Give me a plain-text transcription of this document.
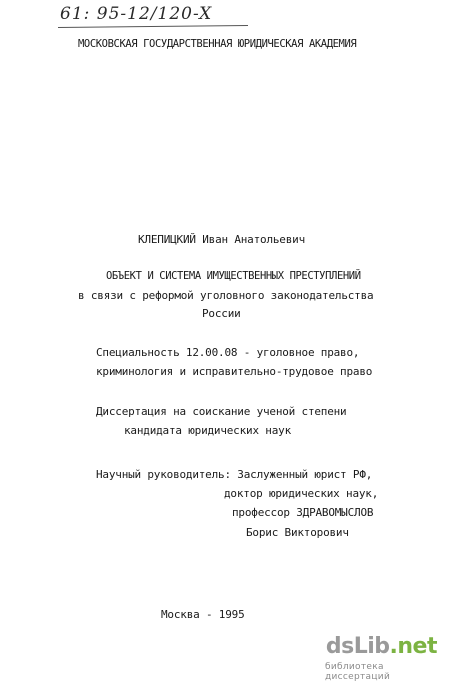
61: 95-12/120-X
МОСКОВСКАЯ ГОСУДАРСТВЕННАЯ ЮРИДИЧЕСКАЯ АКАДЕМИЯ
КЛЕПИЦКИЙ Иван Анатольевич
ОБЪЕКТ И СИСТЕМА ИМУЩЕСТВЕННЫХ ПРЕСТУПЛЕНИЙ
в связи с реформой уголовного законодательства
России
Специальность 12.00.08 - уголовное право,
криминология и исправительно-трудовое право
Диссертация на соискание ученой степени
кандидата юридических наук
Научный руководитель: Заслуженный юрист РФ,
доктор юридических наук,
профессор ЗДРАВОМЫСЛОВ
Борис Викторович
Москва - 1995
dsLib.net
библиотека диссертаций
